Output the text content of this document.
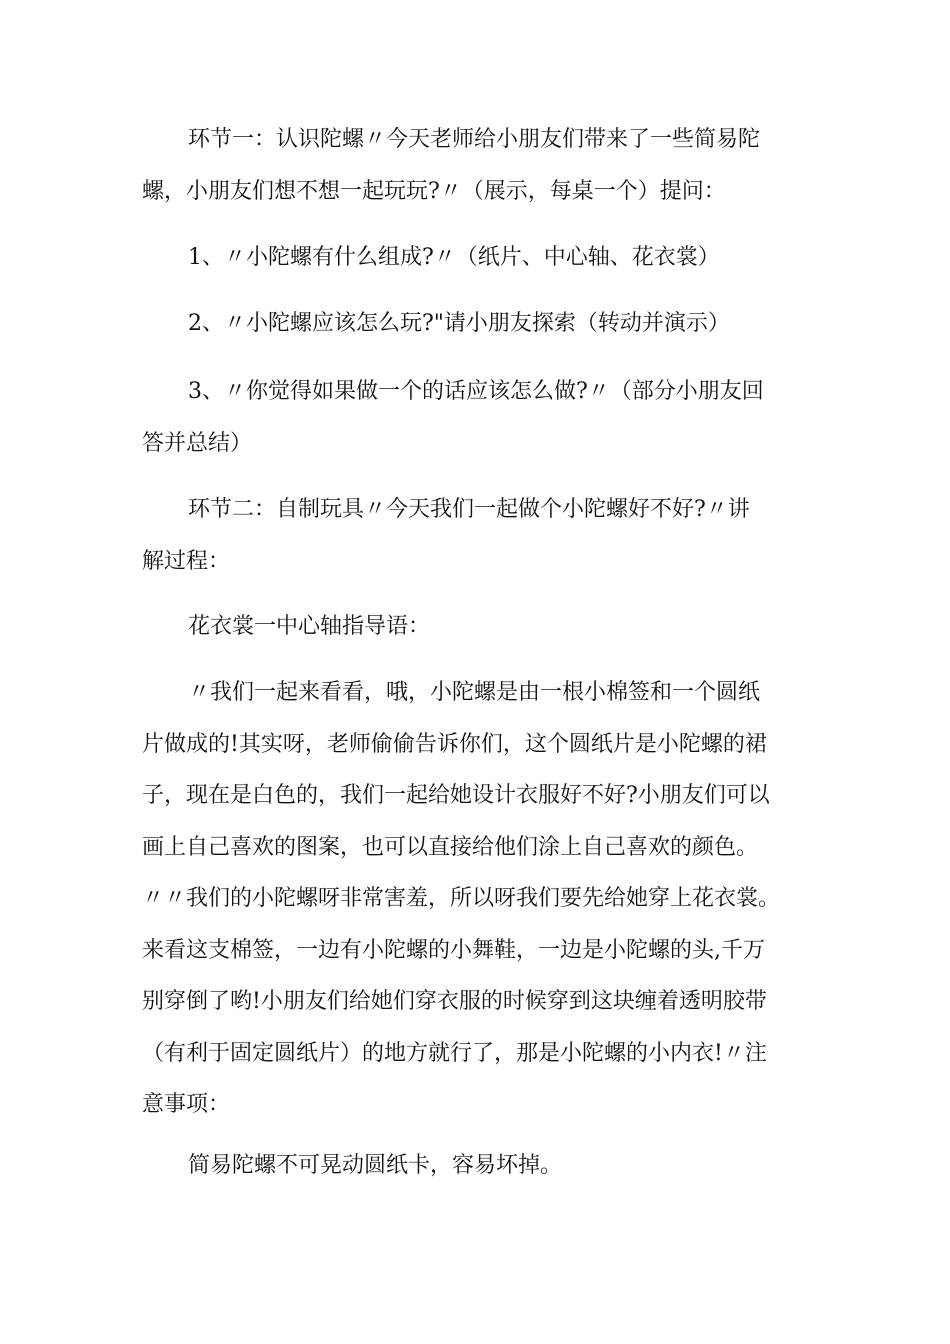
环节一：认识陀螺〃今天老师给小朋友们带来了一些简易陀
螺，小朋友们想不想一起玩玩?〃（展示，每桌一个）提问：

1、〃小陀螺有什么组成?〃（纸片、中心轴、花衣裳）

2、〃小陀螺应该怎么玩?"请小朋友探索（转动并演示）

3、〃你觉得如果做一个的话应该怎么做?〃（部分小朋友回
答并总结）

环节二：自制玩具〃今天我们一起做个小陀螺好不好?〃讲
解过程：

花衣裳一中心轴指导语：

〃我们一起来看看，哦，小陀螺是由一根小棉签和一个圆纸
片做成的!其实呀，老师偷偷告诉你们，这个圆纸片是小陀螺的裙
子，现在是白色的，我们一起给她设计衣服好不好?小朋友们可以
画上自己喜欢的图案，也可以直接给他们涂上自己喜欢的颜色。
〃〃我们的小陀螺呀非常害羞，所以呀我们要先给她穿上花衣裳。
来看这支棉签，一边有小陀螺的小舞鞋，一边是小陀螺的头,千万
别穿倒了哟!小朋友们给她们穿衣服的时候穿到这块缠着透明胶带
（有利于固定圆纸片）的地方就行了，那是小陀螺的小内衣!〃注
意事项：

简易陀螺不可晃动圆纸卡，容易坏掉。
